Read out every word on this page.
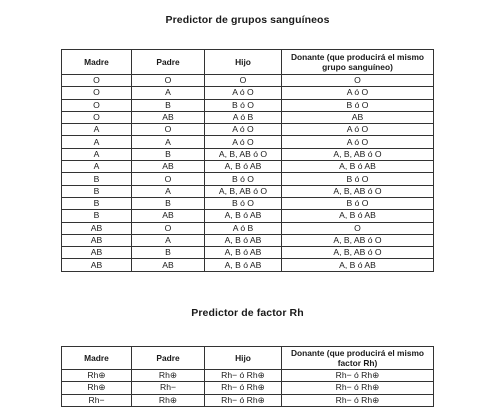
Predictor de grupos sanguíneos
Madre	Padre	Hijo	Donante (que producirá el mismo grupo sanguíneo)
O	O	O	O
O	A	A ó O	A ó O
O	B	B ó O	B ó O
O	AB	A ó B	AB
A	O	A ó O	A ó O
A	A	A ó O	A ó O
A	B	A, B, AB ó O	A, B, AB ó O
A	AB	A, B ó AB	A, B ó AB
B	O	B ó O	B ó O
B	A	A, B, AB ó O	A, B, AB ó O
B	B	B ó O	B ó O
B	AB	A, B ó AB	A, B ó AB
AB	O	A ó B	O
AB	A	A, B ó AB	A, B, AB ó O
AB	B	A, B ó AB	A, B, AB ó O
AB	AB	A, B ó AB	A, B ó AB
Predictor de factor Rh
Madre	Padre	Hijo	Donante (que producirá el mismo factor Rh)
Rh⊕	Rh⊕	Rh− ó Rh⊕	Rh− ó Rh⊕
Rh⊕	Rh−	Rh− ó Rh⊕	Rh− ó Rh⊕
Rh−	Rh⊕	Rh− ó Rh⊕	Rh− ó Rh⊕
